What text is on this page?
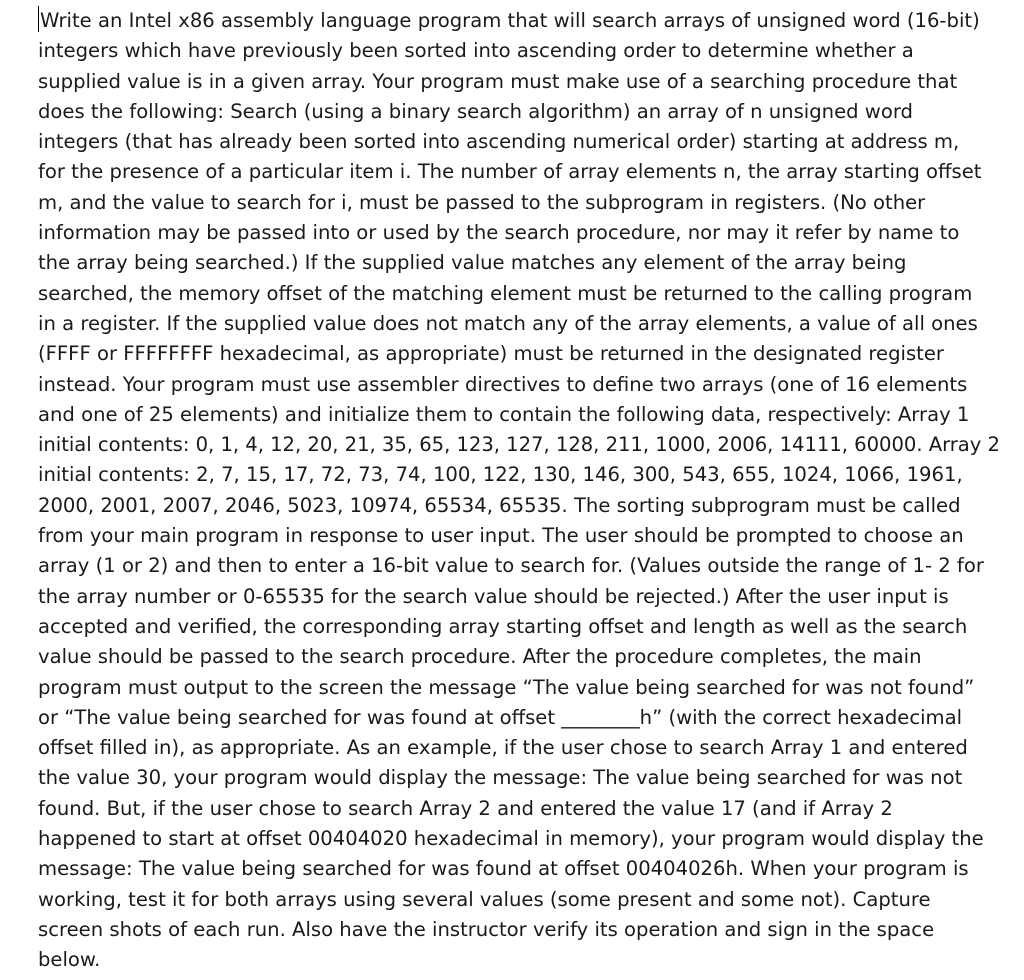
Write an Intel x86 assembly language program that will search arrays of unsigned word (16-bit)
integers which have previously been sorted into ascending order to determine whether a
supplied value is in a given array. Your program must make use of a searching procedure that
does the following: Search (using a binary search algorithm) an array of n unsigned word
integers (that has already been sorted into ascending numerical order) starting at address m,
for the presence of a particular item i. The number of array elements n, the array starting offset
m, and the value to search for i, must be passed to the subprogram in registers. (No other
information may be passed into or used by the search procedure, nor may it refer by name to
the array being searched.) If the supplied value matches any element of the array being
searched, the memory offset of the matching element must be returned to the calling program
in a register. If the supplied value does not match any of the array elements, a value of all ones
(FFFF or FFFFFFFF hexadecimal, as appropriate) must be returned in the designated register
instead. Your program must use assembler directives to define two arrays (one of 16 elements
and one of 25 elements) and initialize them to contain the following data, respectively: Array 1
initial contents: 0, 1, 4, 12, 20, 21, 35, 65, 123, 127, 128, 211, 1000, 2006, 14111, 60000. Array 2
initial contents: 2, 7, 15, 17, 72, 73, 74, 100, 122, 130, 146, 300, 543, 655, 1024, 1066, 1961,
2000, 2001, 2007, 2046, 5023, 10974, 65534, 65535. The sorting subprogram must be called
from your main program in response to user input. The user should be prompted to choose an
array (1 or 2) and then to enter a 16-bit value to search for. (Values outside the range of 1- 2 for
the array number or 0-65535 for the search value should be rejected.) After the user input is
accepted and verified, the corresponding array starting offset and length as well as the search
value should be passed to the search procedure. After the procedure completes, the main
program must output to the screen the message “The value being searched for was not found”
or “The value being searched for was found at offset ________h” (with the correct hexadecimal
offset filled in), as appropriate. As an example, if the user chose to search Array 1 and entered
the value 30, your program would display the message: The value being searched for was not
found. But, if the user chose to search Array 2 and entered the value 17 (and if Array 2
happened to start at offset 00404020 hexadecimal in memory), your program would display the
message: The value being searched for was found at offset 00404026h. When your program is
working, test it for both arrays using several values (some present and some not). Capture
screen shots of each run. Also have the instructor verify its operation and sign in the space
below.
